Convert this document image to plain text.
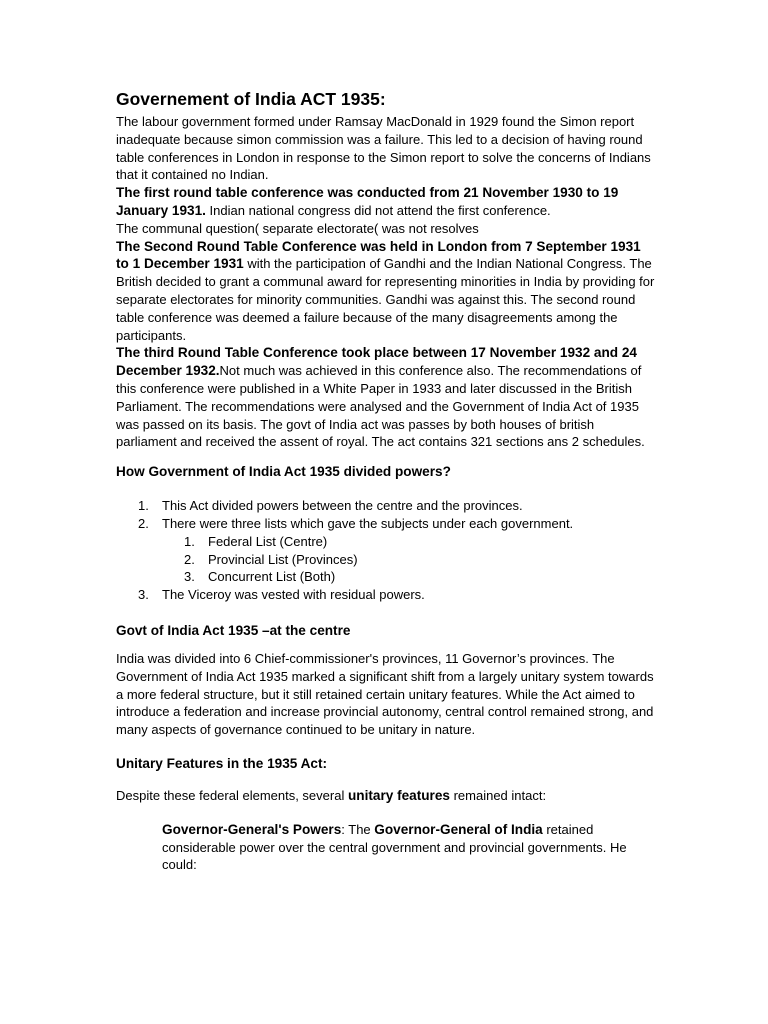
Governement of India ACT 1935:

The labour government formed under Ramsay MacDonald in 1929 found the Simon report inadequate because simon commission was a failure. This led to a decision of having round table conferences in London in response to the Simon report to solve the concerns of Indians that it contained no Indian.

The first round table conference was conducted from 21 November 1930 to 19 January 1931. Indian national congress did not attend the first conference.

The communal question( separate electorate( was not resolves

The Second Round Table Conference was held in London from 7 September 1931 to 1 December 1931 with the participation of Gandhi and the Indian National Congress. The British decided to grant a communal award for representing minorities in India by providing for separate electorates for minority communities. Gandhi was against this. The second round table conference was deemed a failure because of the many disagreements among the participants.

The third Round Table Conference took place between 17 November 1932 and 24 December 1932.Not much was achieved in this conference also. The recommendations of this conference were published in a White Paper in 1933 and later discussed in the British Parliament. The recommendations were analysed and the Government of India Act of 1935 was passed on its basis. The govt of India act was passes by both houses of british parliament and received the assent of royal. The act contains 321 sections ans 2 schedules.

How Government of India Act 1935 divided powers?
1. This Act divided powers between the centre and the provinces.
2. There were three lists which gave the subjects under each government.
1. Federal List (Centre)
2. Provincial List (Provinces)
3. Concurrent List (Both)
3. The Viceroy was vested with residual powers.
Govt of India Act 1935 –at the centre

India was divided into 6 Chief-commissioner's provinces, 11 Governor’s provinces. The Government of India Act 1935 marked a significant shift from a largely unitary system towards a more federal structure, but it still retained certain unitary features. While the Act aimed to introduce a federation and increase provincial autonomy, central control remained strong, and many aspects of governance continued to be unitary in nature.

Unitary Features in the 1935 Act:

Despite these federal elements, several unitary features remained intact:

Governor-General's Powers: The Governor-General of India retained considerable power over the central government and provincial governments. He could:
